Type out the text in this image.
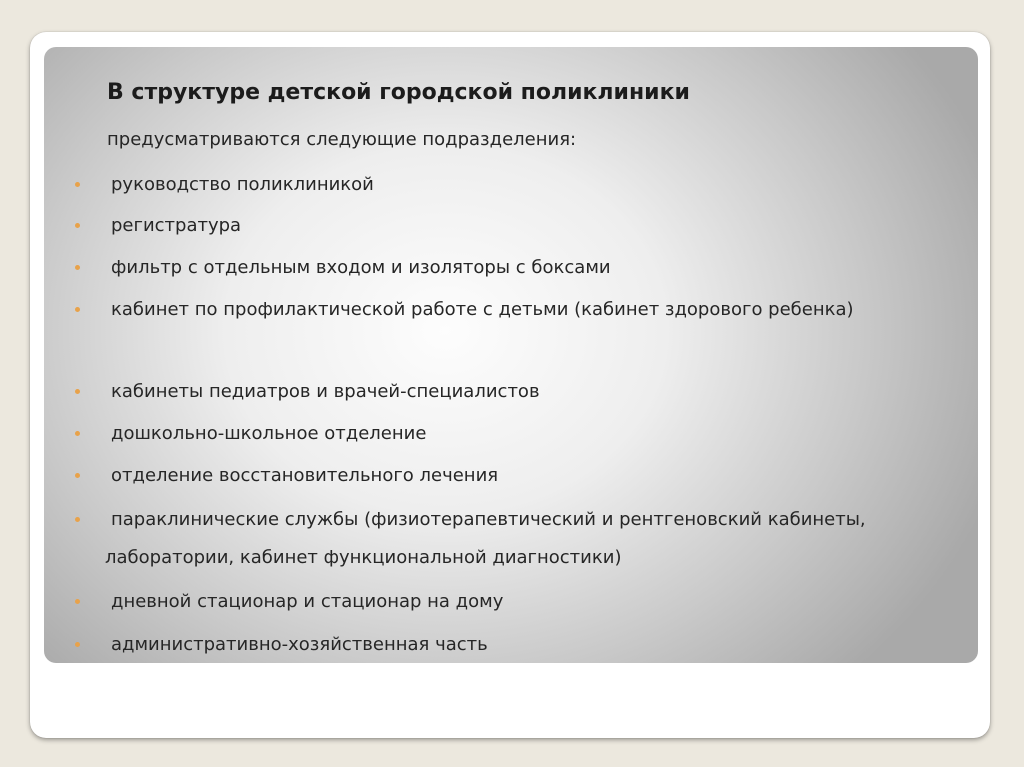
В структуре детской городской поликлиники

предусматриваются следующие подразделения:

руководство поликлиникой
регистратура
фильтр с отдельным входом и изоляторы с боксами
кабинет по профилактической работе с детьми (кабинет здорового ребенка)
кабинеты педиатров и врачей-специалистов
дошкольно-школьное отделение
отделение восстановительного лечения
параклинические службы (физиотерапевтический и рентгеновский кабинеты, лаборатории, кабинет функциональной диагностики)
дневной стационар и стационар на дому
административно-хозяйственная часть
